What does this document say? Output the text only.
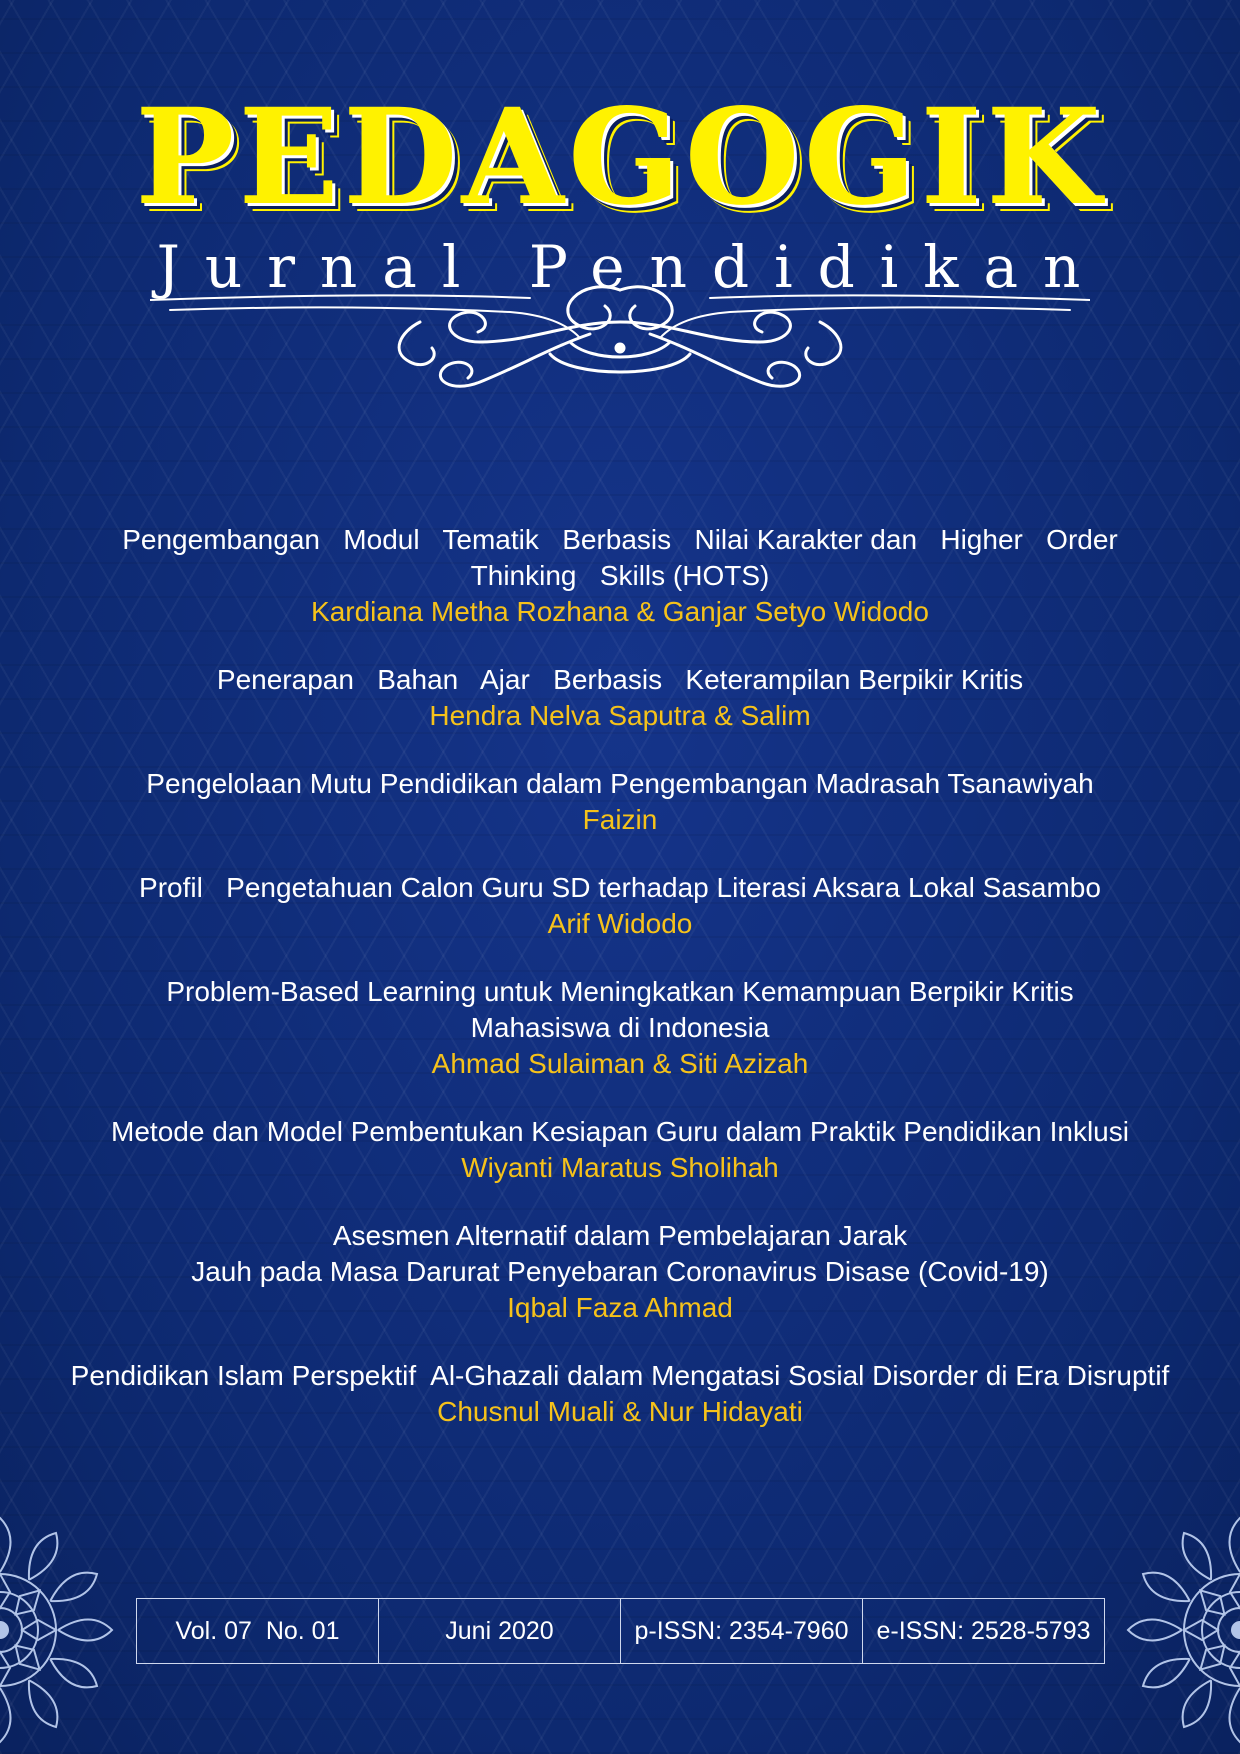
PEDAGOGIK
Jurnal Pendidikan

Pengembangan   Modul   Tematik   Berbasis   Nilai Karakter dan   Higher   Order
Thinking   Skills (HOTS)

Kardiana Metha Rozhana & Ganjar Setyo Widodo

Penerapan   Bahan   Ajar   Berbasis   Keterampilan Berpikir Kritis

Hendra Nelva Saputra & Salim

Pengelolaan Mutu Pendidikan dalam Pengembangan Madrasah Tsanawiyah

Faizin

Profil   Pengetahuan Calon Guru SD terhadap Literasi Aksara Lokal Sasambo

Arif Widodo

Problem-Based Learning untuk Meningkatkan Kemampuan Berpikir Kritis
Mahasiswa di Indonesia

Ahmad Sulaiman & Siti Azizah

Metode dan Model Pembentukan Kesiapan Guru dalam Praktik Pendidikan Inklusi

Wiyanti Maratus Sholihah

Asesmen Alternatif dalam Pembelajaran Jarak
Jauh pada Masa Darurat Penyebaran Coronavirus Disase (Covid-19)

Iqbal Faza Ahmad

Pendidikan Islam Perspektif  Al-Ghazali dalam Mengatasi Sosial Disorder di Era Disruptif

Chusnul Muali & Nur Hidayati

Vol. 07  No. 01	Juni 2020	p-ISSN: 2354-7960	e-ISSN: 2528-5793
